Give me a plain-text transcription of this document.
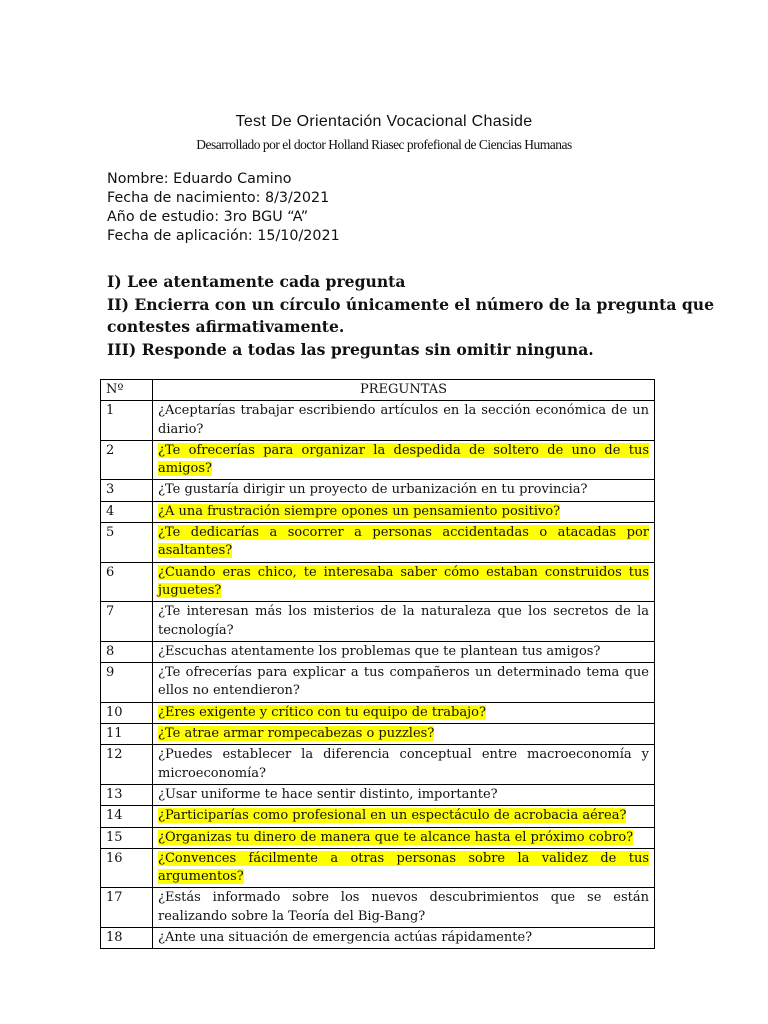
Test De Orientación Vocacional Chaside
Desarrollado por el doctor Holland Riasec profefional de Ciencias Humanas
Nombre: Eduardo Camino
Fecha de nacimiento: 8/3/2021
Año de estudio: 3ro BGU “A”
Fecha de aplicación: 15/10/2021
I) Lee atentamente cada pregunta
II) Encierra con un círculo únicamente el número de la pregunta que
contestes afirmativamente.
III) Responde a todas las preguntas sin omitir ninguna.
Nº	PREGUNTAS
1	¿Aceptarías trabajar escribiendo artículos en la sección económica de un diario?
2	¿Te ofrecerías para organizar la despedida de soltero de uno de tus amigos?
3	¿Te gustaría dirigir un proyecto de urbanización en tu provincia?
4	¿A una frustración siempre opones un pensamiento positivo?
5	¿Te dedicarías a socorrer a personas accidentadas o atacadas por asaltantes?
6	¿Cuando eras chico, te interesaba saber cómo estaban construidos tus juguetes?
7	¿Te interesan más los misterios de la naturaleza que los secretos de la tecnología?
8	¿Escuchas atentamente los problemas que te plantean tus amigos?
9	¿Te ofrecerías para explicar a tus compañeros un determinado tema que ellos no entendieron?
10	¿Eres exigente y crítico con tu equipo de trabajo?
11	¿Te atrae armar rompecabezas o puzzles?
12	¿Puedes establecer la diferencia conceptual entre macroeconomía y microeconomía?
13	¿Usar uniforme te hace sentir distinto, importante?
14	¿Participarías como profesional en un espectáculo de acrobacia aérea?
15	¿Organizas tu dinero de manera que te alcance hasta el próximo cobro?
16	¿Convences fácilmente a otras personas sobre la validez de tus argumentos?
17	¿Estás informado sobre los nuevos descubrimientos que se están realizando sobre la Teoría del Big-Bang?
18	¿Ante una situación de emergencia actúas rápidamente?
